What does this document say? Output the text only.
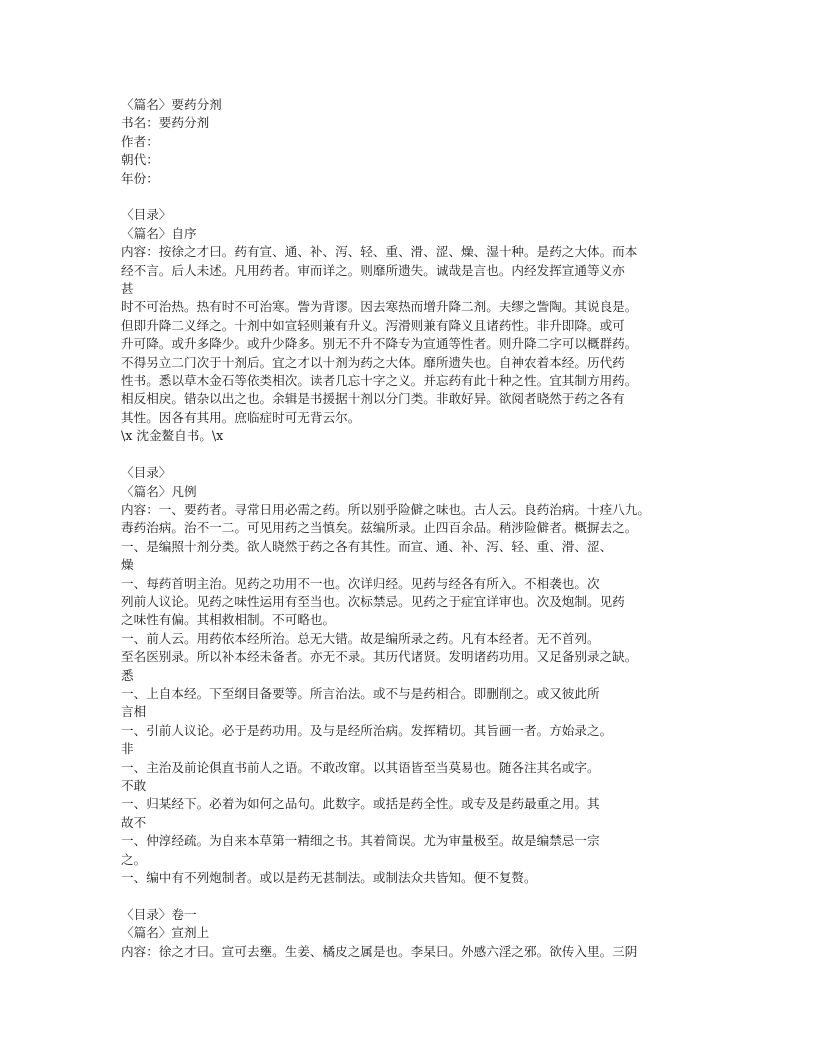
〈篇名〉要药分剂
书名：要药分剂
作者：
朝代：
年份：
〈目录〉
〈篇名〉自序
内容：按徐之才曰。药有宣、通、补、泻、轻、重、滑、涩、燥、湿十种。是药之大体。而本
经不言。后人未述。凡用药者。审而详之。则靡所遗失。诚哉是言也。内经发挥宣通等义亦
甚
时不可治热。热有时不可治寒。訾为背谬。因去寒热而增升降二剂。夫缪之訾陶。其说良是。
但即升降二义绎之。十剂中如宣轻则兼有升义。泻滑则兼有降义且诸药性。非升即降。或可
升可降。或升多降少。或升少降多。别无不升不降专为宣通等性者。则升降二字可以概群药。
不得另立二门次于十剂后。宜之才以十剂为药之大体。靡所遗失也。自神农着本经。历代药
性书。悉以草木金石等依类相次。读者几忘十字之义。并忘药有此十种之性。宜其制方用药。
相反相戾。错杂以出之也。余辑是书援据十剂以分门类。非敢好异。欲阅者晓然于药之各有
其性。因各有其用。庶临症时可无背云尔。
\x 沈金鳌自书。\x
〈目录〉
〈篇名〉凡例
内容：一、要药者。寻常日用必需之药。所以别乎险僻之味也。古人云。良药治病。十痊八九。
毒药治病。治不一二。可见用药之当慎矣。兹编所录。止四百余品。稍涉险僻者。概摒去之。
一、是编照十剂分类。欲人晓然于药之各有其性。而宣、通、补、泻、轻、重、滑、涩、
燥
一、每药首明主治。见药之功用不一也。次详归经。见药与经各有所入。不相袭也。次
列前人议论。见药之味性运用有至当也。次标禁忌。见药之于症宜详审也。次及炮制。见药
之味性有偏。其相救相制。不可略也。
一、前人云。用药依本经所治。总无大错。故是编所录之药。凡有本经者。无不首列。
至名医别录。所以补本经未备者。亦无不录。其历代诸贤。发明诸药功用。又足备别录之缺。
悉
一、上自本经。下至纲目备要等。所言治法。或不与是药相合。即删削之。或又彼此所
言相
一、引前人议论。必于是药功用。及与是经所治病。发挥精切。其旨画一者。方始录之。
非
一、主治及前论俱直书前人之语。不敢改窜。以其语皆至当莫易也。随各注其名或字。
不敢
一、归某经下。必着为如何之品句。此数字。或括是药全性。或专及是药最重之用。其
故不
一、仲淳经疏。为自来本草第一精细之书。其着简误。尤为审量极至。故是编禁忌一宗
之。
一、编中有不列炮制者。或以是药无甚制法。或制法众共皆知。便不复赘。
〈目录〉卷一
〈篇名〉宣剂上
内容：徐之才曰。宣可去壅。生姜、橘皮之属是也。李杲曰。外感六淫之邪。欲传入里。三阴
